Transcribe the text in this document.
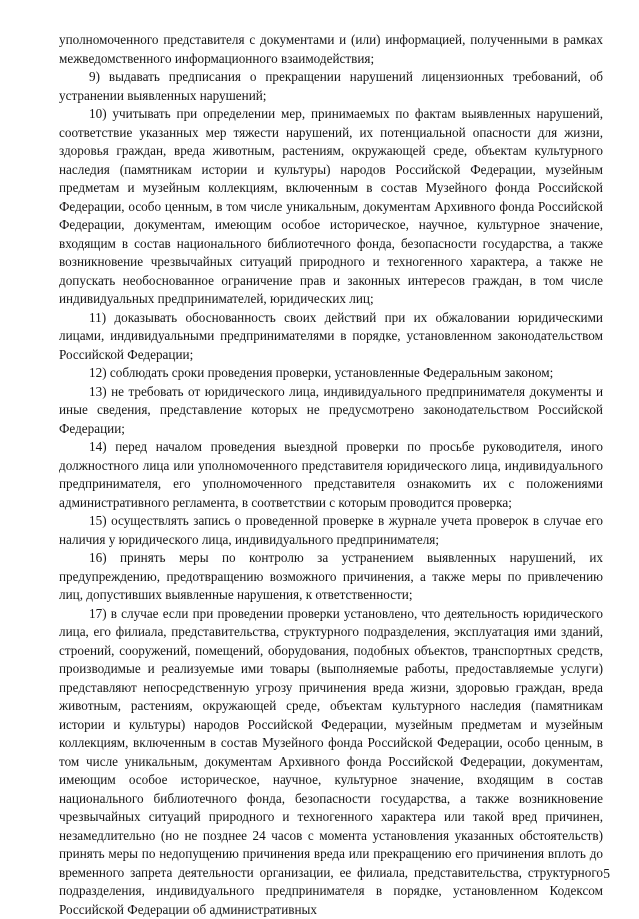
уполномоченного представителя с документами и (или) информацией, полученными в рамках межведомственного информационного взаимодействия;

9) выдавать предписания о прекращении нарушений лицензионных требований, об устранении выявленных нарушений;

10) учитывать при определении мер, принимаемых по фактам выявленных нарушений, соответствие указанных мер тяжести нарушений, их потенциальной опасности для жизни, здоровья граждан, вреда животным, растениям, окружающей среде, объектам культурного наследия (памятникам истории и культуры) народов Российской Федерации, музейным предметам и музейным коллекциям, включенным в состав Музейного фонда Российской Федерации, особо ценным, в том числе уникальным, документам Архивного фонда Российской Федерации, документам, имеющим особое историческое, научное, культурное значение, входящим в состав национального библиотечного фонда, безопасности государства, а также возникновение чрезвычайных ситуаций природного и техногенного характера, а также не допускать необоснованное ограничение прав и законных интересов граждан, в том числе индивидуальных предпринимателей, юридических лиц;

11) доказывать обоснованность своих действий при их обжаловании юридическими лицами, индивидуальными предпринимателями в порядке, установленном законодательством Российской Федерации;

12) соблюдать сроки проведения проверки, установленные Федеральным законом;

13) не требовать от юридического лица, индивидуального предпринимателя документы и иные сведения, представление которых не предусмотрено законодательством Российской Федерации;

14) перед началом проведения выездной проверки по просьбе руководителя, иного должностного лица или уполномоченного представителя юридического лица, индивидуального предпринимателя, его уполномоченного представителя ознакомить их с положениями административного регламента, в соответствии с которым проводится проверка;

15) осуществлять запись о проведенной проверке в журнале учета проверок в случае его наличия у юридического лица, индивидуального предпринимателя;

16) принять меры по контролю за устранением выявленных нарушений, их предупреждению, предотвращению возможного причинения, а также меры по привлечению лиц, допустивших выявленные нарушения, к ответственности;

17) в случае если при проведении проверки установлено, что деятельность юридического лица, его филиала, представительства, структурного подразделения, эксплуатация ими зданий, строений, сооружений, помещений, оборудования, подобных объектов, транспортных средств, производимые и реализуемые ими товары (выполняемые работы, предоставляемые услуги) представляют непосредственную угрозу причинения вреда жизни, здоровью граждан, вреда животным, растениям, окружающей среде, объектам культурного наследия (памятникам истории и культуры) народов Российской Федерации, музейным предметам и музейным коллекциям, включенным в состав Музейного фонда Российской Федерации, особо ценным, в том числе уникальным, документам Архивного фонда Российской Федерации, документам, имеющим особое историческое, научное, культурное значение, входящим в состав национального библиотечного фонда, безопасности государства, а также возникновение чрезвычайных ситуаций природного и техногенного характера или такой вред причинен, незамедлительно (но не позднее 24 часов с момента установления указанных обстоятельств) принять меры по недопущению причинения вреда или прекращению его причинения вплоть до временного запрета деятельности организации, ее филиала, представительства, структурного подразделения, индивидуального предпринимателя в порядке, установленном Кодексом Российской Федерации об административных

5
